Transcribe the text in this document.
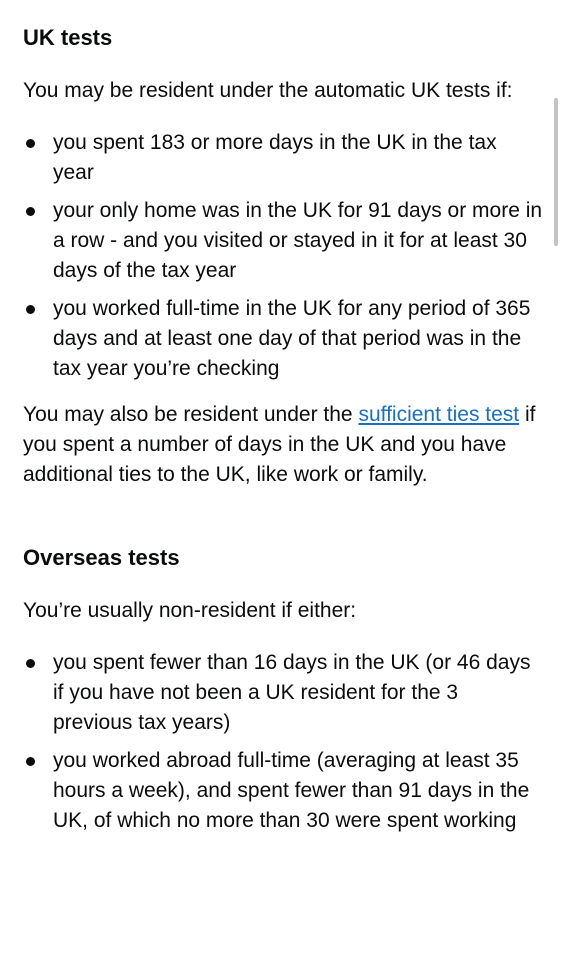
UK tests

You may be resident under the automatic UK tests if:

you spent 183 or more days in the UK in the tax year
your only home was in the UK for 91 days or more in a row - and you visited or stayed in it for at least 30 days of the tax year
you worked full-time in the UK for any period of 365 days and at least one day of that period was in the tax year you’re checking

You may also be resident under the sufficient ties test if you spent a number of days in the UK and you have additional ties to the UK, like work or family.

Overseas tests

You’re usually non-resident if either:

you spent fewer than 16 days in the UK (or 46 days if you have not been a UK resident for the 3 previous tax years)
you worked abroad full-time (averaging at least 35 hours a week), and spent fewer than 91 days in the UK, of which no more than 30 were spent working
